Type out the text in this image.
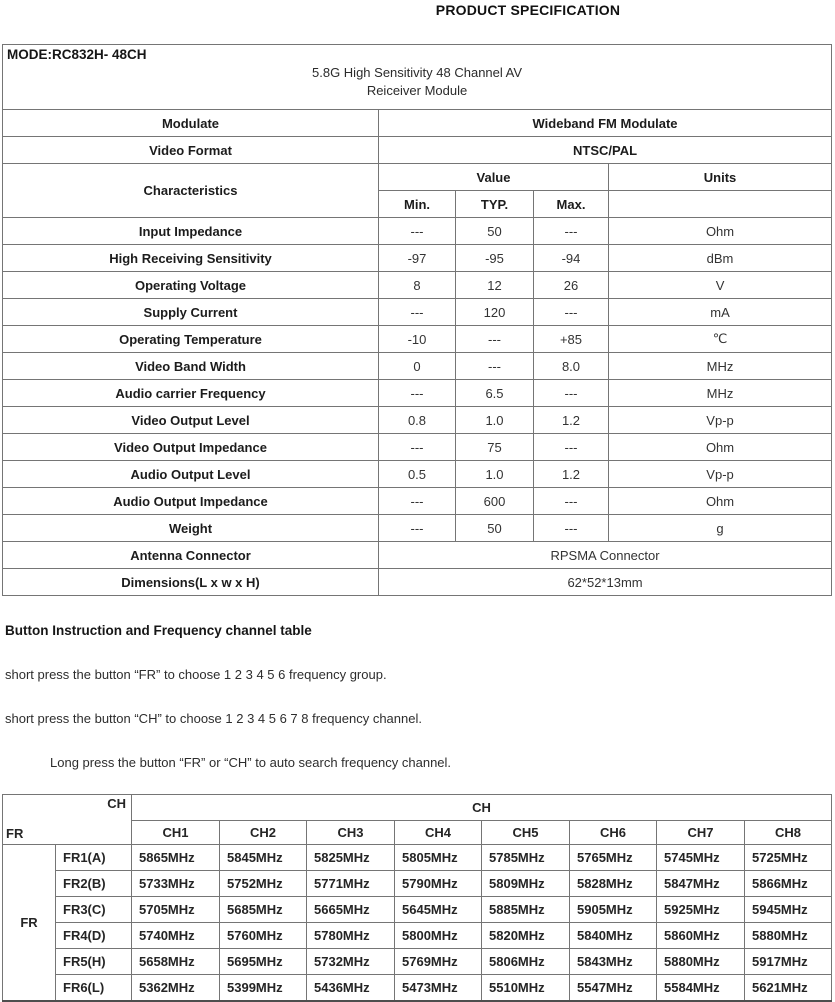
PRODUCT SPECIFICATION
MODE:RC832H- 48CH
5.8G High Sensitivity 48 Channel AV
Reiceiver Module				

Modulate	Wideband FM Modulate			
Video Format	NTSC/PAL			
Characteristics	Value			Units
	Min.	TYP.	Max.	
Input Impedance	---	50	---	Ohm
High Receiving Sensitivity	-97	-95	-94	dBm
Operating Voltage	8	12	26	V
Supply Current	---	120	---	mA
Operating Temperature	-10	---	+85	℃
Video Band Width	0	---	8.0	MHz
Audio carrier Frequency	---	6.5	---	MHz
Video Output Level	0.8	1.0	1.2	Vp-p
Video Output Impedance	---	75	---	Ohm
Audio Output Level	0.5	1.0	1.2	Vp-p
Audio Output Impedance	---	600	---	Ohm
Weight	---	50	---	g
Antenna Connector	RPSMA Connector			
Dimensions(L x w x H)	62*52*13mm			
Button Instruction and Frequency channel table

short press the button “FR” to choose 1 2 3 4 5 6 frequency group.

short press the button “CH” to choose 1 2 3 4 5 6 7 8 frequency channel.

Long press the button “FR” or “CH” to auto search frequency channel.

CH
FR		CH							
		CH1	CH2	CH3	CH4	CH5	CH6	CH7	CH8
FR	FR1(A)	5865MHz	5845MHz	5825MHz	5805MHz	5785MHz	5765MHz	5745MHz	5725MHz
	FR2(B)	5733MHz	5752MHz	5771MHz	5790MHz	5809MHz	5828MHz	5847MHz	5866MHz
	FR3(C)	5705MHz	5685MHz	5665MHz	5645MHz	5885MHz	5905MHz	5925MHz	5945MHz
	FR4(D)	5740MHz	5760MHz	5780MHz	5800MHz	5820MHz	5840MHz	5860MHz	5880MHz
	FR5(H)	5658MHz	5695MHz	5732MHz	5769MHz	5806MHz	5843MHz	5880MHz	5917MHz
	FR6(L)	5362MHz	5399MHz	5436MHz	5473MHz	5510MHz	5547MHz	5584MHz	5621MHz
